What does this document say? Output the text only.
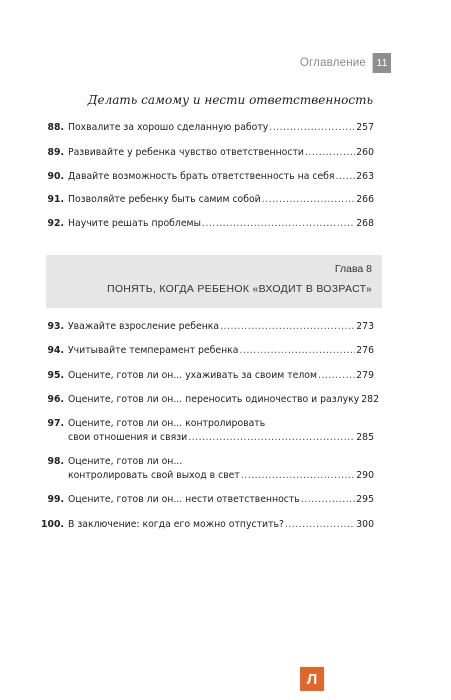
Оглавление	11
Делать самому и нести ответственность
88. Похвалите за хорошо сделанную работу .....	257
89. Развивайте у ребенка чувство ответственности .....	260
90. Давайте возможность брать ответственность на себя ..... 263
91. Позволяйте ребенку быть самим собой .....	266
92. Научите решать проблемы .....	268
Глава 8
ПОНЯТЬ, КОГДА РЕБЕНОК «ВХОДИТ В ВОЗРАСТ»
93. Уважайте взросление ребенка .....	273
94. Учитывайте темперамент ребенка .....	276
95. Оцените, готов ли он... ухаживать за своим телом .....	279
96. Оцените, готов ли он... переносить одиночество и разлуку 282
97. Оцените, готов ли он... контролировать
свои отношения и связи .....	285
98. Оцените, готов ли он...
контролировать свой выход в свет .....	290
99. Оцените, готов ли он... нести ответственность .....	295
100. В заключение: когда его можно отпустить? .....	300
Л
